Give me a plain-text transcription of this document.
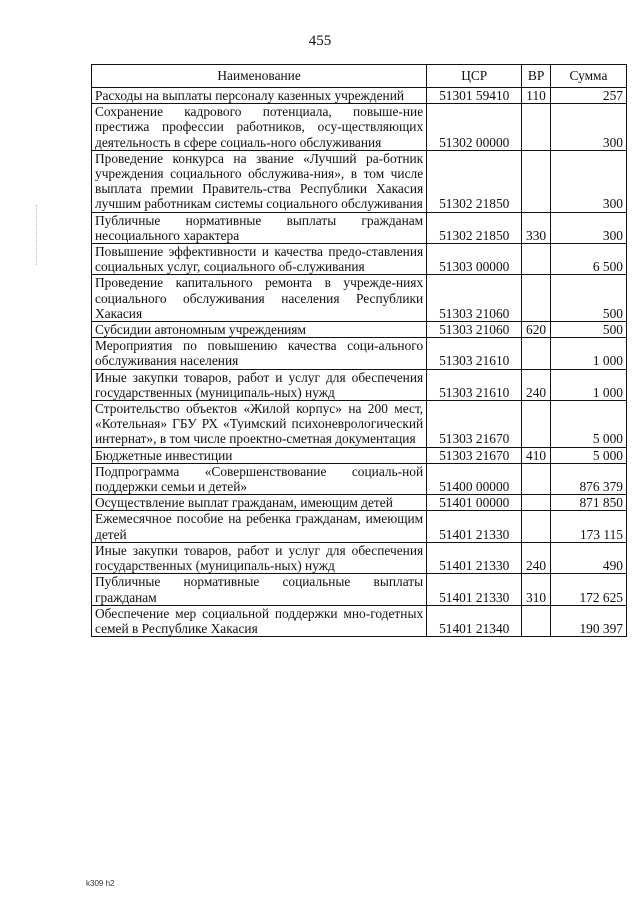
455
Наименование	ЦСР	ВР	Сумма
Расходы на выплаты персоналу казенных учреждений	51301 59410	110	257
Сохранение кадрового потенциала, повыше-ние престижа профессии работников, осу-ществляющих деятельность в сфере социаль-ного обслуживания	51302 00000		300
Проведение конкурса на звание «Лучший ра-ботник учреждения социального обслужива-ния», в том числе выплата премии Правитель-ства Республики Хакасия лучшим работникам системы социального обслуживания	51302 21850		300
Публичные нормативные выплаты гражданам несоциального характера	51302 21850	330	300
Повышение эффективности и качества предо-ставления социальных услуг, социального об-служивания	51303 00000		6 500
Проведение капитального ремонта в учрежде-ниях социального обслуживания населения Республики Хакасия	51303 21060		500
Субсидии автономным учреждениям	51303 21060	620	500
Мероприятия по повышению качества соци-ального обслуживания населения	51303 21610		1 000
Иные закупки товаров, работ и услуг для обеспечения государственных (муниципаль-ных) нужд	51303 21610	240	1 000
Строительство объектов «Жилой корпус» на 200 мест, «Котельная» ГБУ РХ «Туимский психоневрологический интернат», в том числе проектно-сметная документация	51303 21670		5 000
Бюджетные инвестиции	51303 21670	410	5 000
Подпрограмма «Совершенствование социаль-ной поддержки семьи и детей»	51400 00000		876 379
Осуществление выплат гражданам, имеющим детей	51401 00000		871 850
Ежемесячное пособие на ребенка гражданам, имеющим детей	51401 21330		173 115
Иные закупки товаров, работ и услуг для обеспечения государственных (муниципаль-ных) нужд	51401 21330	240	490
Публичные нормативные социальные выплаты гражданам	51401 21330	310	172 625
Обеспечение мер социальной поддержки мно-годетных семей в Республике Хакасия	51401 21340		190 397
k309 h2
